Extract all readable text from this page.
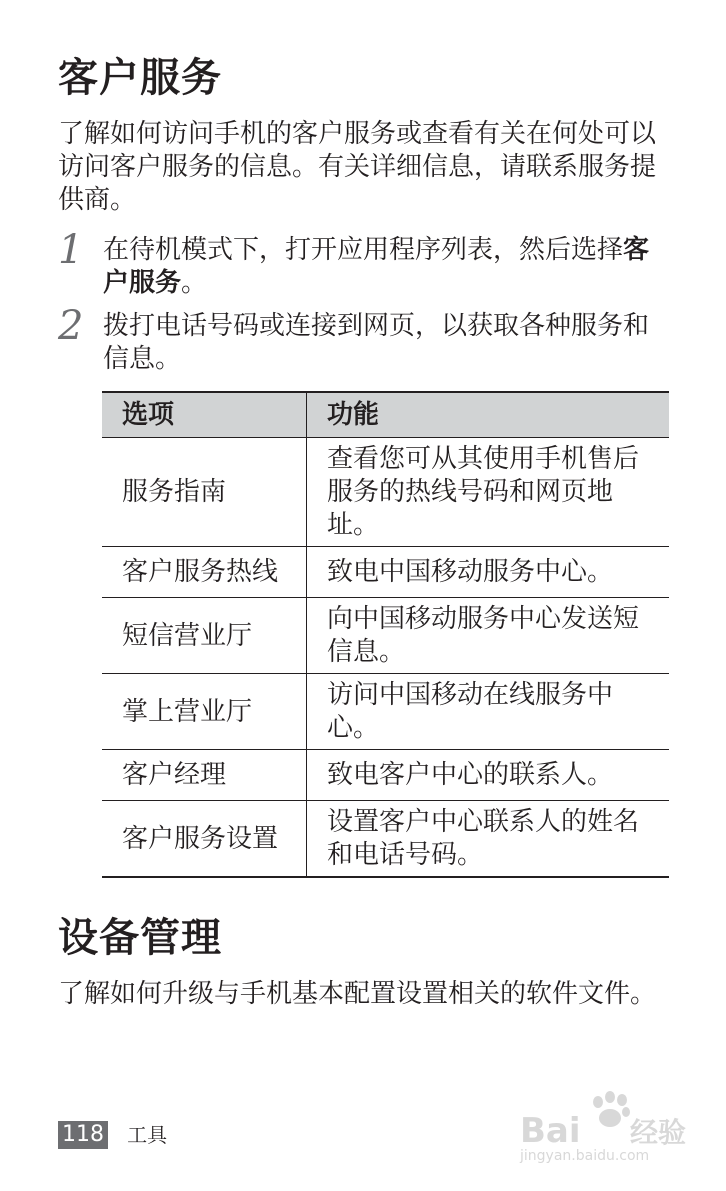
客户服务

了解如何访问手机的客户服务或查看有关在何处可以访问客户服务的信息。有关详细信息，请联系服务提供商。

1 在待机模式下，打开应用程序列表，然后选择客户服务。
2 拨打电话号码或连接到网页，以获取各种服务和信息。
选项	功能
服务指南	查看您可从其使用手机售后服务的热线号码和网页地址。
客户服务热线	致电中国移动服务中心。
短信营业厅	向中国移动服务中心发送短信息。
掌上营业厅	访问中国移动在线服务中心。
客户经理	致电客户中心的联系人。
客户服务设置	设置客户中心联系人的姓名和电话号码。
设备管理

了解如何升级与手机基本配置设置相关的软件文件。

118 工具	Bai 经验
jingyan.baidu.com
